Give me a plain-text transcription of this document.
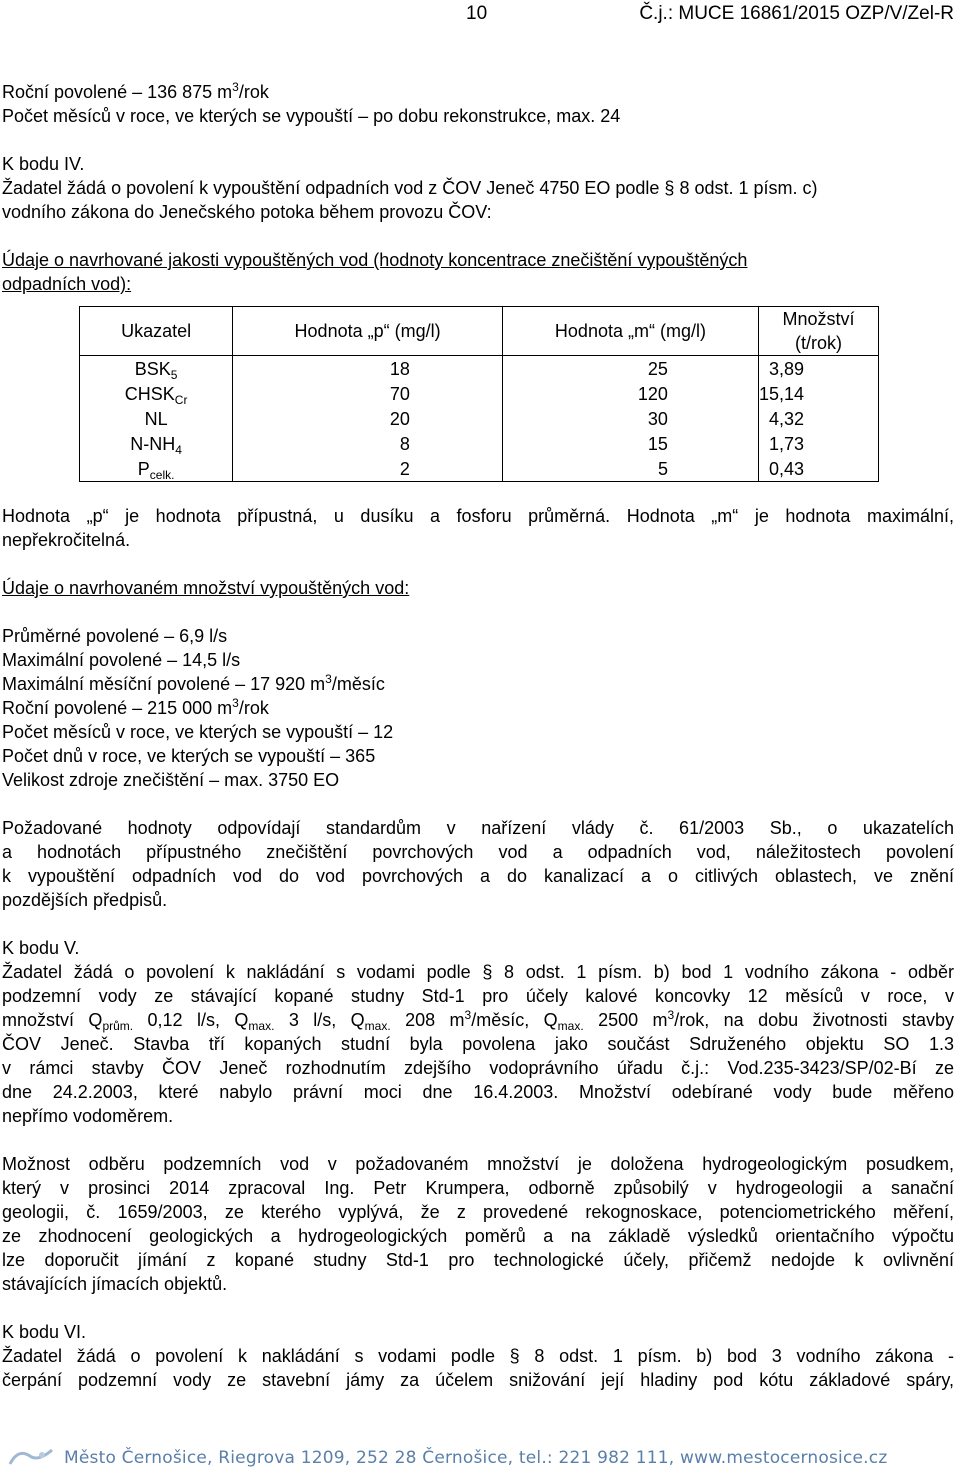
10	Č.j.: MUCE 16861/2015 OZP/V/Zel-R
Roční povolené – 136 875 $m^3$/rok
Počet měsíců v roce, ve kterých se vypouští – po dobu rekonstrukce, max. 24
K bodu IV.
Žadatel žádá o povolení k vypouštění odpadních vod z ČOV Jeneč 4750 EO podle § 8 odst. 1 písm. c)
vodního zákona do Jenečského potoka během provozu ČOV:
Údaje o navrhované jakosti vypouštěných vod (hodnoty koncentrace znečištění vypouštěných
odpadních vod):
Ukazatel	Hodnota „p“ (mg/l)	Hodnota „m“ (mg/l)	Množství (t/rok)
$BSK_5$	18	25	3,89
$CHSK_{Cr}$	70	120	15,14
NL	20	30	4,32
$N-NH_4$	8	15	1,73
$P_{celk.}$	2	5	0,43
Hodnota „p“ je hodnota přípustná, u dusíku a fosforu průměrná. Hodnota „m“ je hodnota maximální,
nepřekročitelná.
Údaje o navrhovaném množství vypouštěných vod:
Průměrné povolené – 6,9 l/s
Maximální povolené – 14,5 l/s
Maximální měsíční povolené – 17 920 $m^3$/měsíc
Roční povolené – 215 000 $m^3$/rok
Počet měsíců v roce, ve kterých se vypouští – 12
Počet dnů v roce, ve kterých se vypouští – 365
Velikost zdroje znečištění – max. 3750 EO
Požadované hodnoty odpovídají standardům v nařízení vlády č. 61/2003 Sb., o ukazatelích
a hodnotách přípustného znečištění povrchových vod a odpadních vod, náležitostech povolení
k vypouštění odpadních vod do vod povrchových a do kanalizací a o citlivých oblastech, ve znění
pozdějších předpisů.
K bodu V.
Žadatel žádá o povolení k nakládání s vodami podle § 8 odst. 1 písm. b) bod 1 vodního zákona - odběr
podzemní vody ze stávající kopané studny Std-1 pro účely kalové koncovky 12 měsíců v roce, v
množství $Q_{prům.}$ 0,12 l/s, $Q_{max.}$ 3 l/s, $Q_{max.}$ 208 $m^3$/měsíc, $Q_{max.}$ 2500 $m^3$/rok, na dobu životnosti stavby
ČOV Jeneč. Stavba tří kopaných studní byla povolena jako součást Sdruženého objektu SO 1.3
v rámci stavby ČOV Jeneč rozhodnutím zdejšího vodoprávního úřadu č.j.: Vod.235-3423/SP/02-Bí ze
dne 24.2.2003, které nabylo právní moci dne 16.4.2003. Množství odebírané vody bude měřeno
nepřímo vodoměrem.
Možnost odběru podzemních vod v požadovaném množství je doložena hydrogeologickým posudkem,
který v prosinci 2014 zpracoval Ing. Petr Krumpera, odborně způsobilý v hydrogeologii a sanační
geologii, č. 1659/2003, ze kterého vyplývá, že z provedené rekognoskace, potenciometrického měření,
ze zhodnocení geologických a hydrogeologických poměrů a na základě výsledků orientačního výpočtu
lze doporučit jímání z kopané studny Std-1 pro technologické účely, přičemž nedojde k ovlivnění
stávajících jímacích objektů.
K bodu VI.
Žadatel žádá o povolení k nakládání s vodami podle § 8 odst. 1 písm. b) bod 3 vodního zákona -
čerpání podzemní vody ze stavební jámy za účelem snižování její hladiny pod kótu základové spáry,
Město Černošice, Riegrova 1209, 252 28 Černošice, tel.: 221 982 111, www.mestocernosice.cz
